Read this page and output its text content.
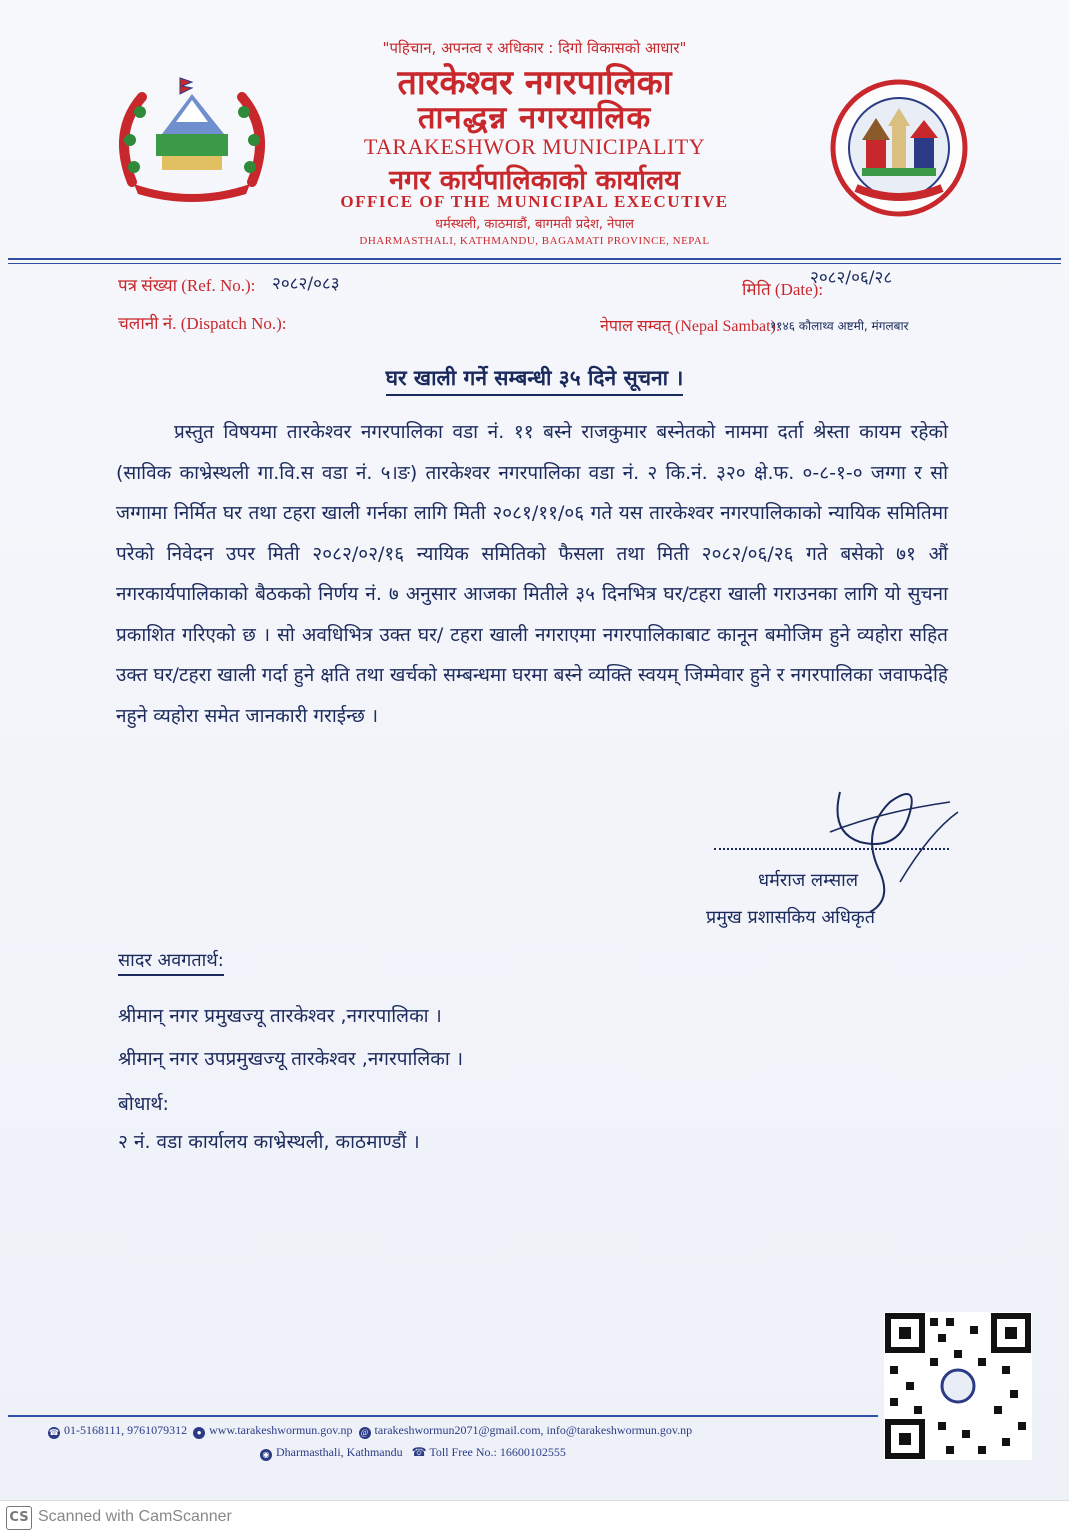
"पहिचान, अपनत्व र अधिकार : दिगो विकासको आधार"
तारकेश्वर नगरपालिका
तानद्धन्न नगरयालिक
TARAKESHWOR MUNICIPALITY
नगर कार्यपालिकाको कार्यालय
OFFICE OF THE MUNICIPAL EXECUTIVE
धर्मस्थली, काठमाडौं, बागमती प्रदेश, नेपाल
DHARMASTHALI, KATHMANDU, BAGAMATI PROVINCE, NEPAL
पत्र संख्या (Ref. No.): २०८२/०८३
चलानी नं. (Dispatch No.):
मिति (Date):
२०८२/०६/२८
नेपाल सम्वत् (Nepal Sambat):
११४६ कौलाथ्व अष्टमी, मंगलबार
घर खाली गर्ने सम्बन्धी ३५ दिने सूचना ।
प्रस्तुत विषयमा तारकेश्वर नगरपालिका वडा नं. ११ बस्ने राजकुमार बस्नेतको नाममा दर्ता श्रेस्ता कायम रहेको (साविक काभ्रेस्थली गा.वि.स वडा नं. ५।ङ) तारकेश्वर नगरपालिका वडा नं. २ कि.नं. ३२० क्षे.फ. ०-८-१-० जग्गा र सो जग्गामा निर्मित घर तथा टहरा खाली गर्नका लागि मिती २०८१/११/०६ गते यस तारकेश्वर नगरपालिकाको न्यायिक समितिमा परेको निवेदन उपर मिती २०८२/०२/१६ न्यायिक समितिको फैसला तथा मिती २०८२/०६/२६ गते बसेको ७१ औं नगरकार्यपालिकाको बैठकको निर्णय नं. ७ अनुसार आजका मितीले ३५ दिनभित्र घर/टहरा खाली गराउनका लागि यो सुचना प्रकाशित गरिएको छ । सो अवधिभित्र उक्त घर/ टहरा खाली नगराएमा नगरपालिकाबाट कानून बमोजिम हुने व्यहोरा सहित उक्त घर/टहरा खाली गर्दा हुने क्षति तथा खर्चको सम्बन्धमा घरमा बस्ने व्यक्ति स्वयम् जिम्मेवार हुने र नगरपालिका जवाफदेहि नहुने व्यहोरा समेत जानकारी गराईन्छ ।
धर्मराज लम्साल
प्रमुख प्रशासकिय अधिकृत
सादर अवगतार्थ:
श्रीमान् नगर प्रमुखज्यू तारकेश्वर ,नगरपालिका ।
श्रीमान् नगर उपप्रमुखज्यू तारकेश्वर ,नगरपालिका ।
बोधार्थ:
२ नं. वडा कार्यालय काभ्रेस्थली, काठमाण्डौं ।
☎ 01-5168111, 9761079312 ● www.tarakeshwormun.gov.np @ tarakeshwormun2071@gmail.com, info@tarakeshwormun.gov.np
◉ Dharmasthali, Kathmandu ☎ Toll Free No.: 16600102555
CS Scanned with CamScanner
